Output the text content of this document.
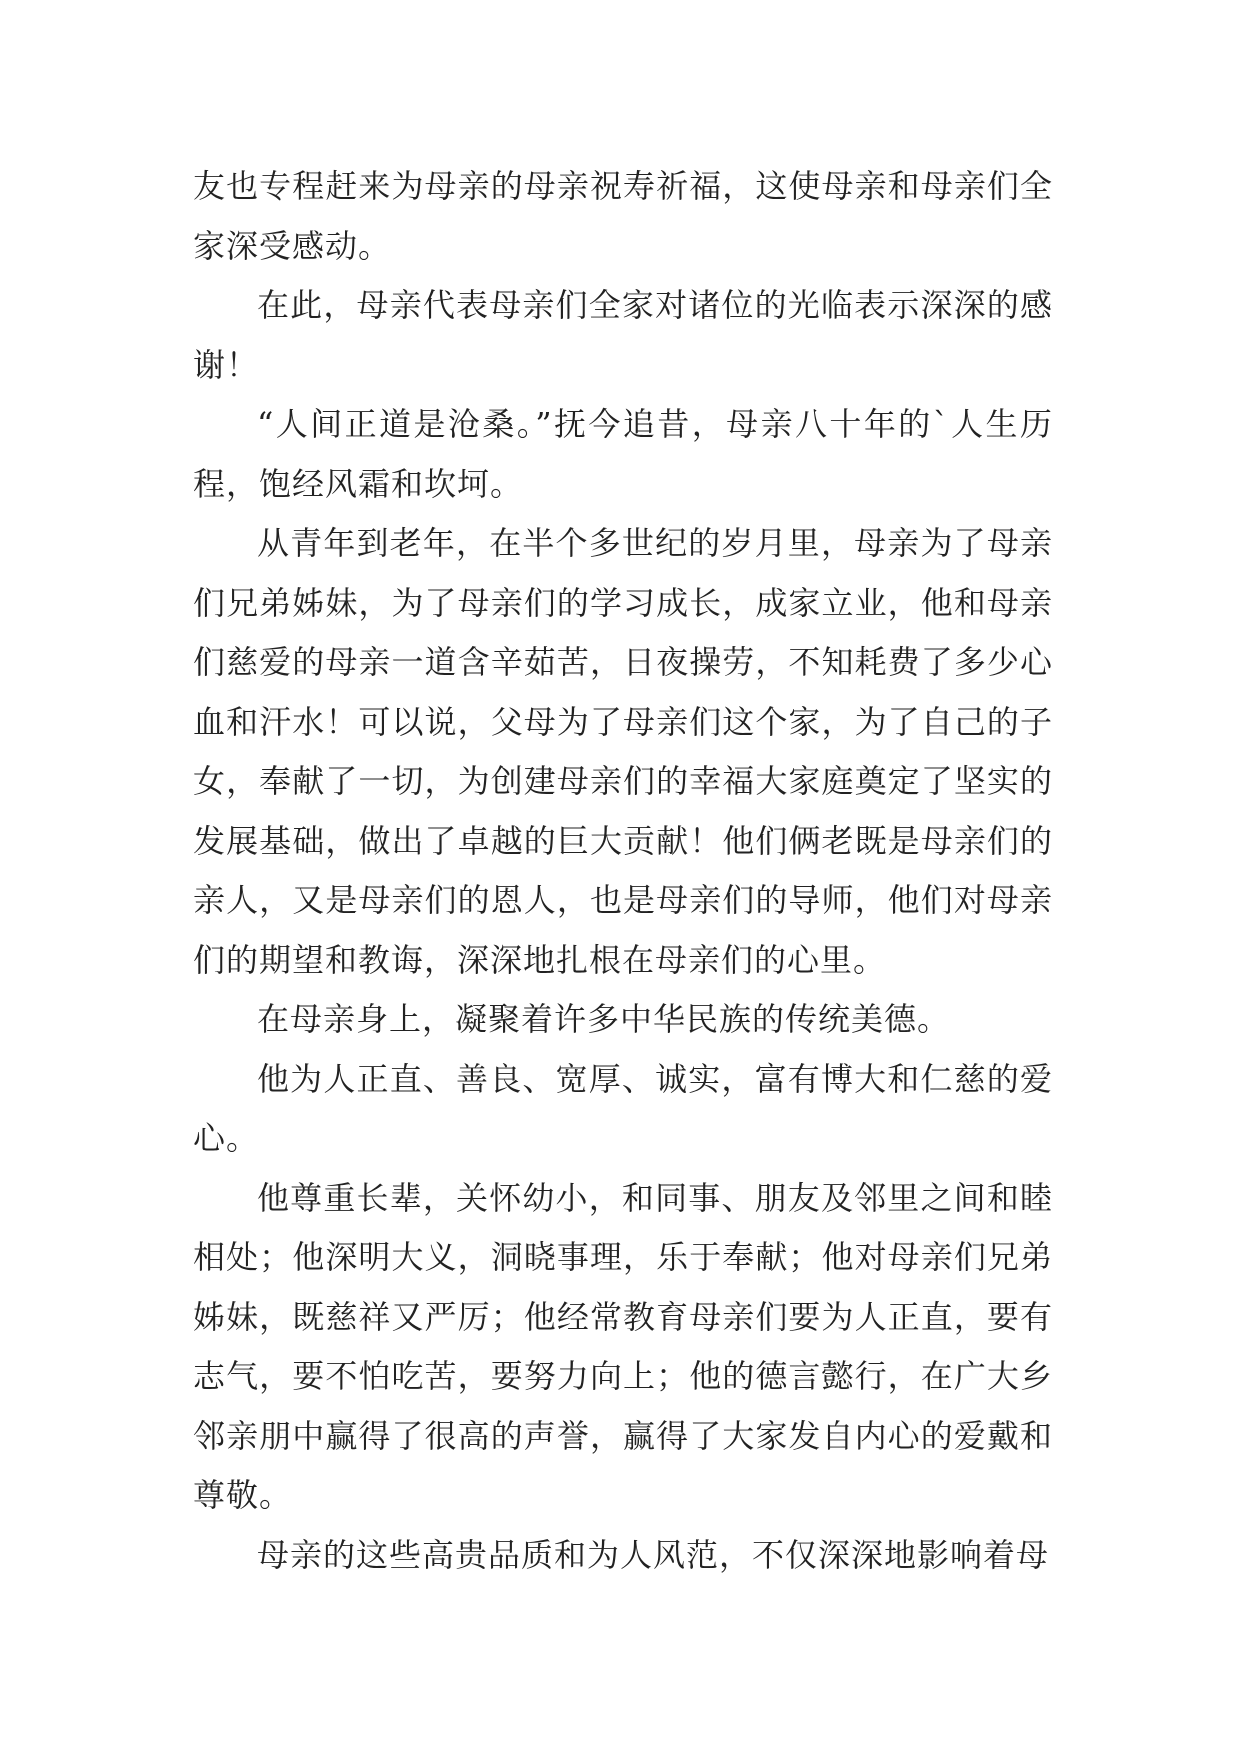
友也专程赶来为母亲的母亲祝寿祈福，这使母亲和母亲们全家深受感动。

在此，母亲代表母亲们全家对诸位的光临表示深深的感谢！

“人间正道是沧桑。”抚今追昔，母亲八十年的`人生历程，饱经风霜和坎坷。

从青年到老年，在半个多世纪的岁月里，母亲为了母亲们兄弟姊妹，为了母亲们的学习成长，成家立业，他和母亲们慈爱的母亲一道含辛茹苦，日夜操劳，不知耗费了多少心血和汗水！可以说，父母为了母亲们这个家，为了自己的子女，奉献了一切，为创建母亲们的幸福大家庭奠定了坚实的发展基础，做出了卓越的巨大贡献！他们俩老既是母亲们的亲人，又是母亲们的恩人，也是母亲们的导师，他们对母亲们的期望和教诲，深深地扎根在母亲们的心里。

在母亲身上，凝聚着许多中华民族的传统美德。

他为人正直、善良、宽厚、诚实，富有博大和仁慈的爱心。

他尊重长辈，关怀幼小，和同事、朋友及邻里之间和睦相处；他深明大义，洞晓事理，乐于奉献；他对母亲们兄弟姊妹，既慈祥又严厉；他经常教育母亲们要为人正直，要有志气，要不怕吃苦，要努力向上；他的德言懿行，在广大乡邻亲朋中赢得了很高的声誉，赢得了大家发自内心的爱戴和尊敬。

母亲的这些高贵品质和为人风范，不仅深深地影响着母
